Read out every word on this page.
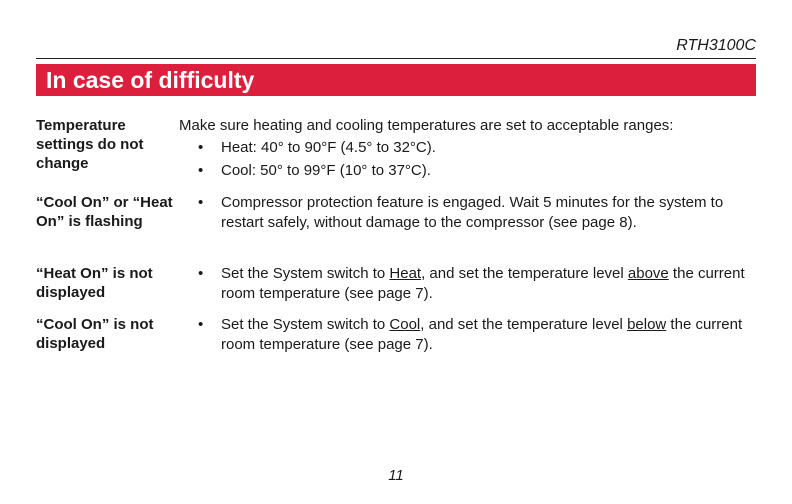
RTH3100C
In case of difficulty
Temperature settings do not change

Make sure heating and cooling temperatures are set to acceptable ranges:

• Heat: 40° to 90°F (4.5° to 32°C).
• Cool: 50° to 99°F (10° to 37°C).
“Cool On” or “Heat On” is flashing
• Compressor protection feature is engaged. Wait 5 minutes for the system to restart safely, without damage to the compressor (see page 8).
“Heat On” is not displayed
• Set the System switch to Heat, and set the temperature level above the current room temperature (see page 7).
“Cool On” is not displayed
• Set the System switch to Cool, and set the temperature level below the current room temperature (see page 7).
11
